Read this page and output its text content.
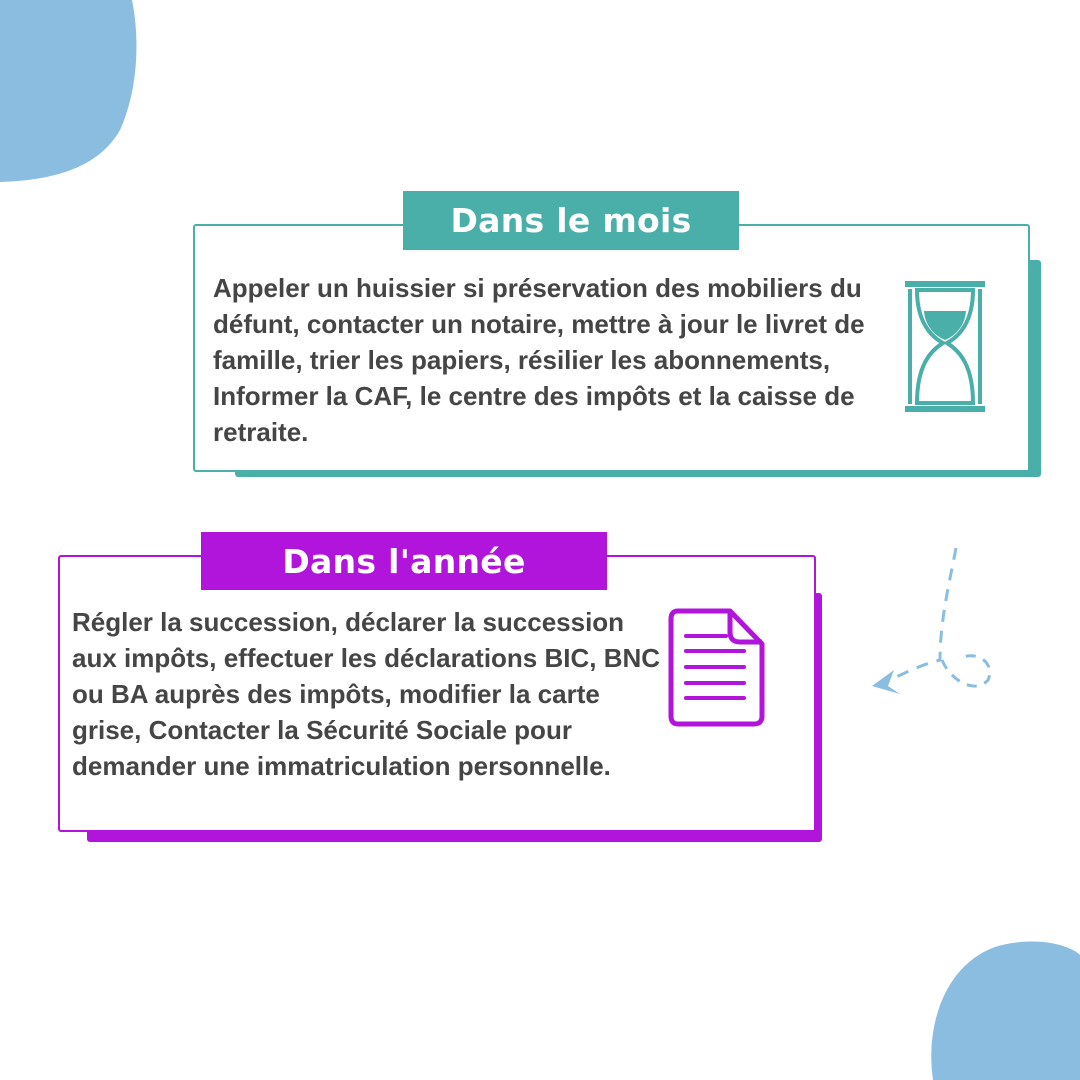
Dans le mois

Appeler un huissier si préservation des mobiliers du défunt, contacter un notaire, mettre à jour le livret de famille, trier les papiers, résilier les abonnements, Informer la CAF, le centre des impôts et la caisse de retraite.

Dans l'année

Régler la succession, déclarer la succession aux impôts, effectuer les déclarations BIC, BNC ou BA auprès des impôts, modifier la carte grise, Contacter la Sécurité Sociale pour demander une immatriculation personnelle.
